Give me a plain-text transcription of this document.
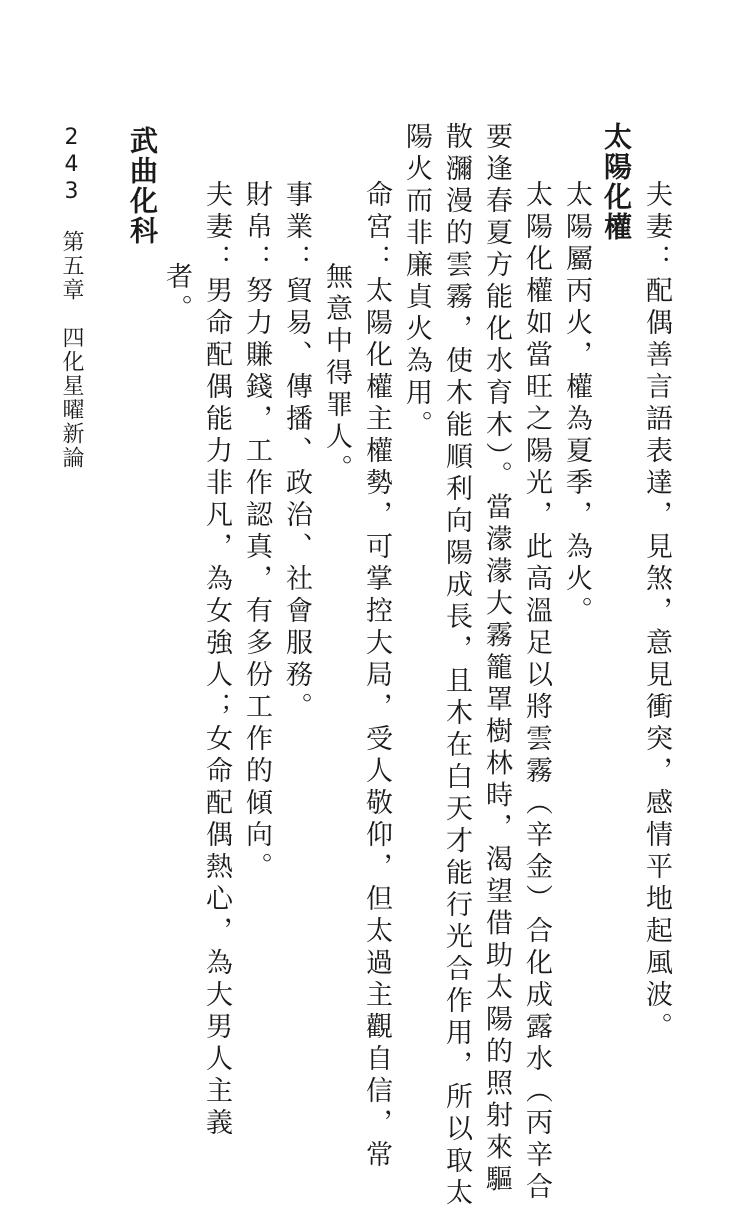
夫妻：配偶善言語表達，見煞，意見衝突，感情平地起風波。
太陽化權
太陽屬丙火，權為夏季，為火。
太陽化權如當旺之陽光，此高溫足以將雲霧（辛金）合化成露水（丙辛合
要逢春夏方能化水育木）。當濛濛大霧籠罩樹林時，渴望借助太陽的照射來驅
散瀰漫的雲霧，使木能順利向陽成長，且木在白天才能行光合作用，所以取太
陽火而非廉貞火為用。
命宮：太陽化權主權勢，可掌控大局，受人敬仰，但太過主觀自信，常
無意中得罪人。
事業：貿易、傳播、政治、社會服務。
財帛：努力賺錢，工作認真，有多份工作的傾向。
夫妻：男命配偶能力非凡，為女強人；女命配偶熱心，為大男人主義
者。
武曲化科
243第五章四化星曜新論
